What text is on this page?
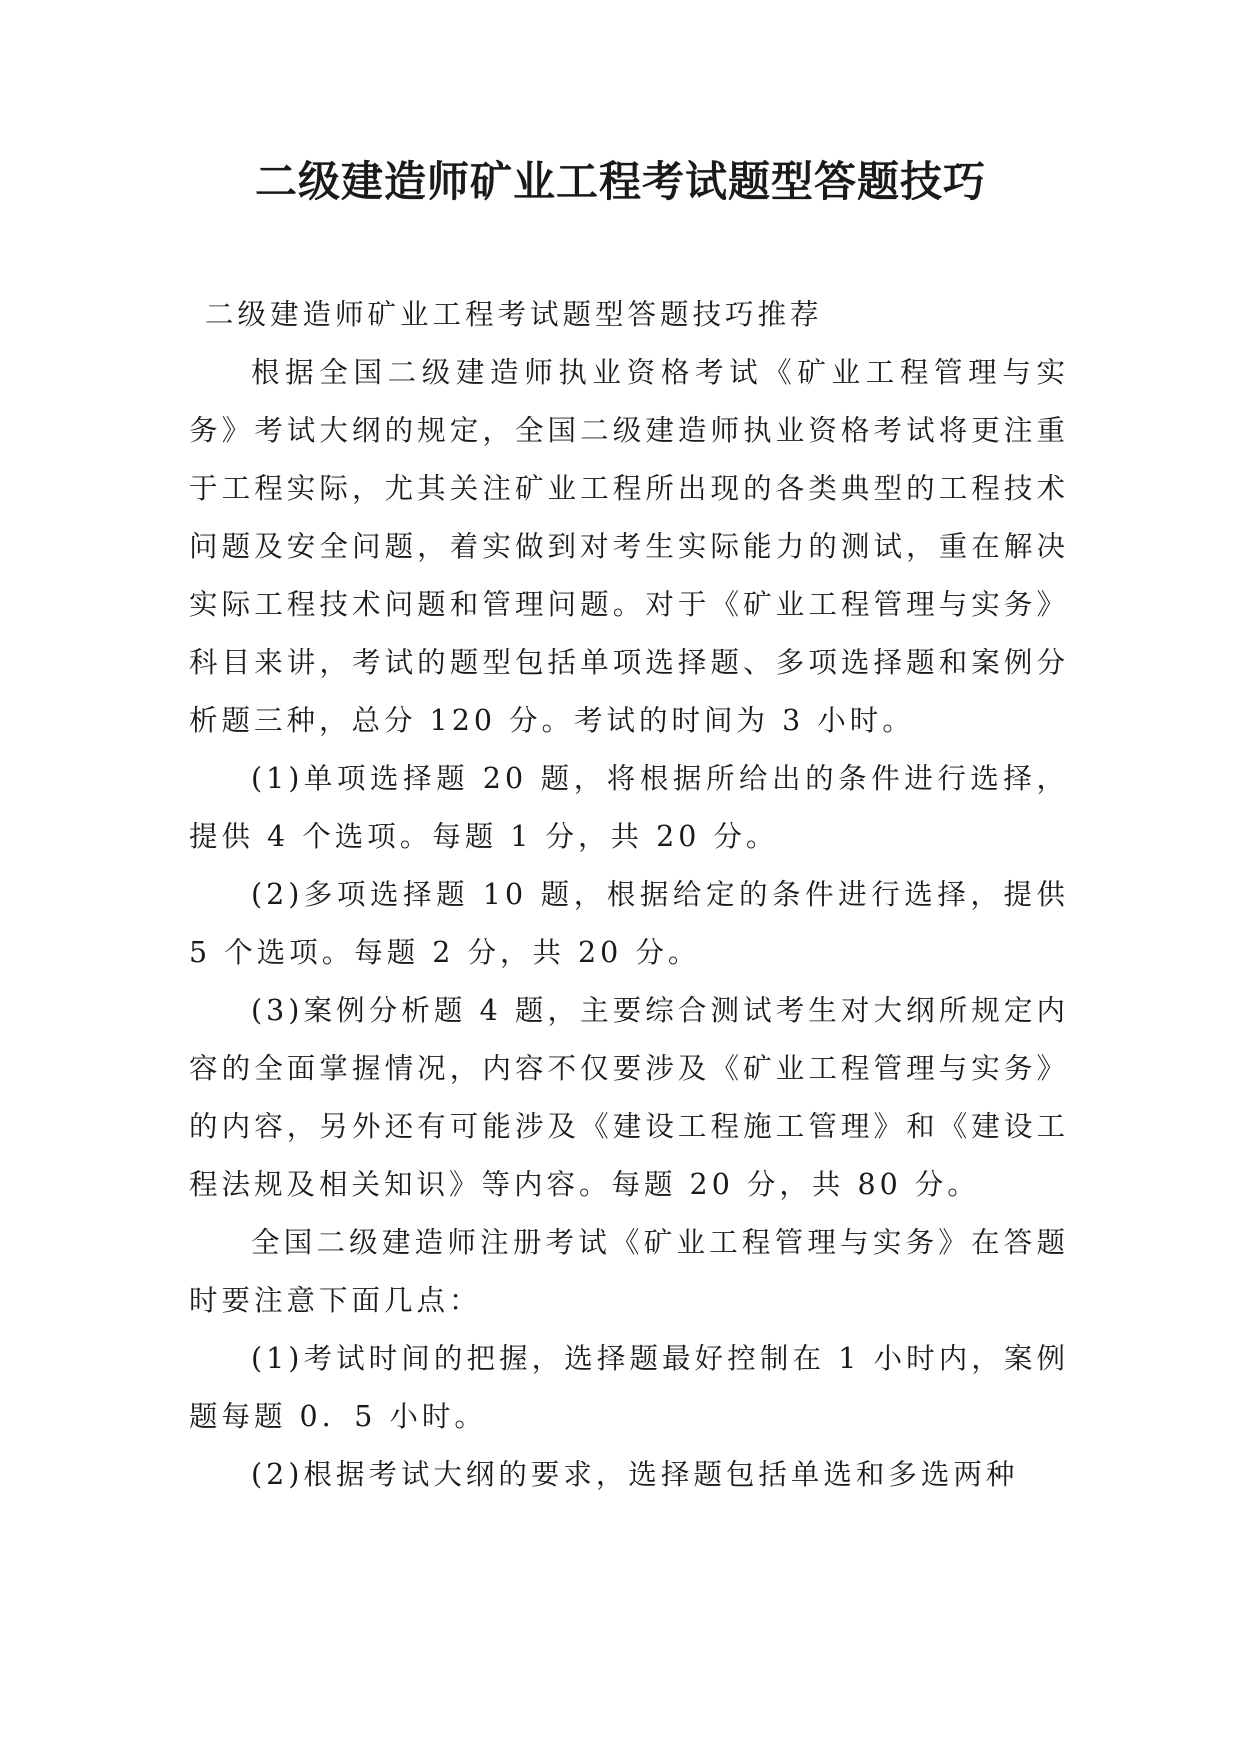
二级建造师矿业工程考试题型答题技巧

二级建造师矿业工程考试题型答题技巧推荐

根据全国二级建造师执业资格考试《矿业工程管理与实务》考试大纲的规定，全国二级建造师执业资格考试将更注重于工程实际，尤其关注矿业工程所出现的各类典型的工程技术问题及安全问题，着实做到对考生实际能力的测试，重在解决实际工程技术问题和管理问题。对于《矿业工程管理与实务》科目来讲，考试的题型包括单项选择题、多项选择题和案例分析题三种，总分 120 分。考试的时间为 3 小时。

(1)单项选择题 20 题，将根据所给出的条件进行选择，提供 4 个选项。每题 1 分，共 20 分。

(2)多项选择题 10 题，根据给定的条件进行选择，提供 5 个选项。每题 2 分，共 20 分。

(3)案例分析题 4 题，主要综合测试考生对大纲所规定内容的全面掌握情况，内容不仅要涉及《矿业工程管理与实务》的内容，另外还有可能涉及《建设工程施工管理》和《建设工程法规及相关知识》等内容。每题 20 分，共 80 分。

全国二级建造师注册考试《矿业工程管理与实务》在答题时要注意下面几点：

(1)考试时间的把握，选择题最好控制在 1 小时内，案例题每题 0．5 小时。

(2)根据考试大纲的要求，选择题包括单选和多选两种
